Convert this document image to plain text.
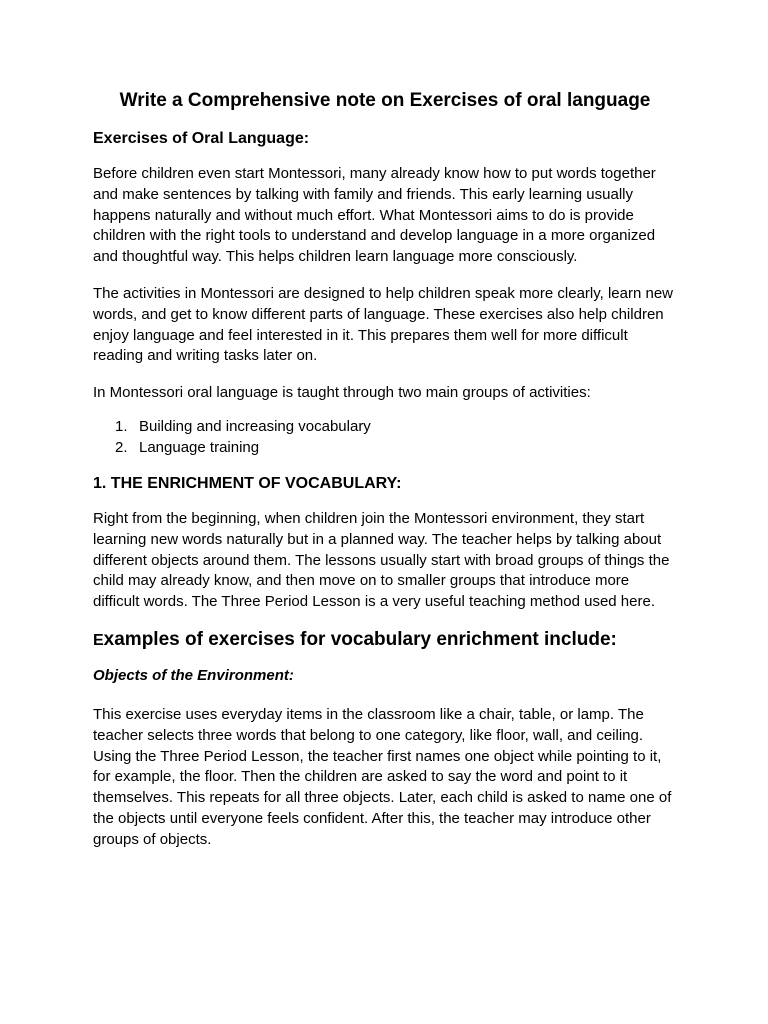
Write a Comprehensive note on Exercises of oral language
Exercises of Oral Language:

Before children even start Montessori, many already know how to put words together and make sentences by talking with family and friends. This early learning usually happens naturally and without much effort. What Montessori aims to do is provide children with the right tools to understand and develop language in a more organized and thoughtful way. This helps children learn language more consciously.

The activities in Montessori are designed to help children speak more clearly, learn new words, and get to know different parts of language. These exercises also help children enjoy language and feel interested in it. This prepares them well for more difficult reading and writing tasks later on.

In Montessori oral language is taught through two main groups of activities:

1. Building and increasing vocabulary
2. Language training
1. THE ENRICHMENT OF VOCABULARY:

Right from the beginning, when children join the Montessori environment, they start learning new words naturally but in a planned way. The teacher helps by talking about different objects around them. The lessons usually start with broad groups of things the child may already know, and then move on to smaller groups that introduce more difficult words. The Three Period Lesson is a very useful teaching method used here.

Examples of exercises for vocabulary enrichment include:
Objects of the Environment:

This exercise uses everyday items in the classroom like a chair, table, or lamp. The teacher selects three words that belong to one category, like floor, wall, and ceiling. Using the Three Period Lesson, the teacher first names one object while pointing to it, for example, the floor. Then the children are asked to say the word and point to it themselves. This repeats for all three objects. Later, each child is asked to name one of the objects until everyone feels confident. After this, the teacher may introduce other groups of objects.
